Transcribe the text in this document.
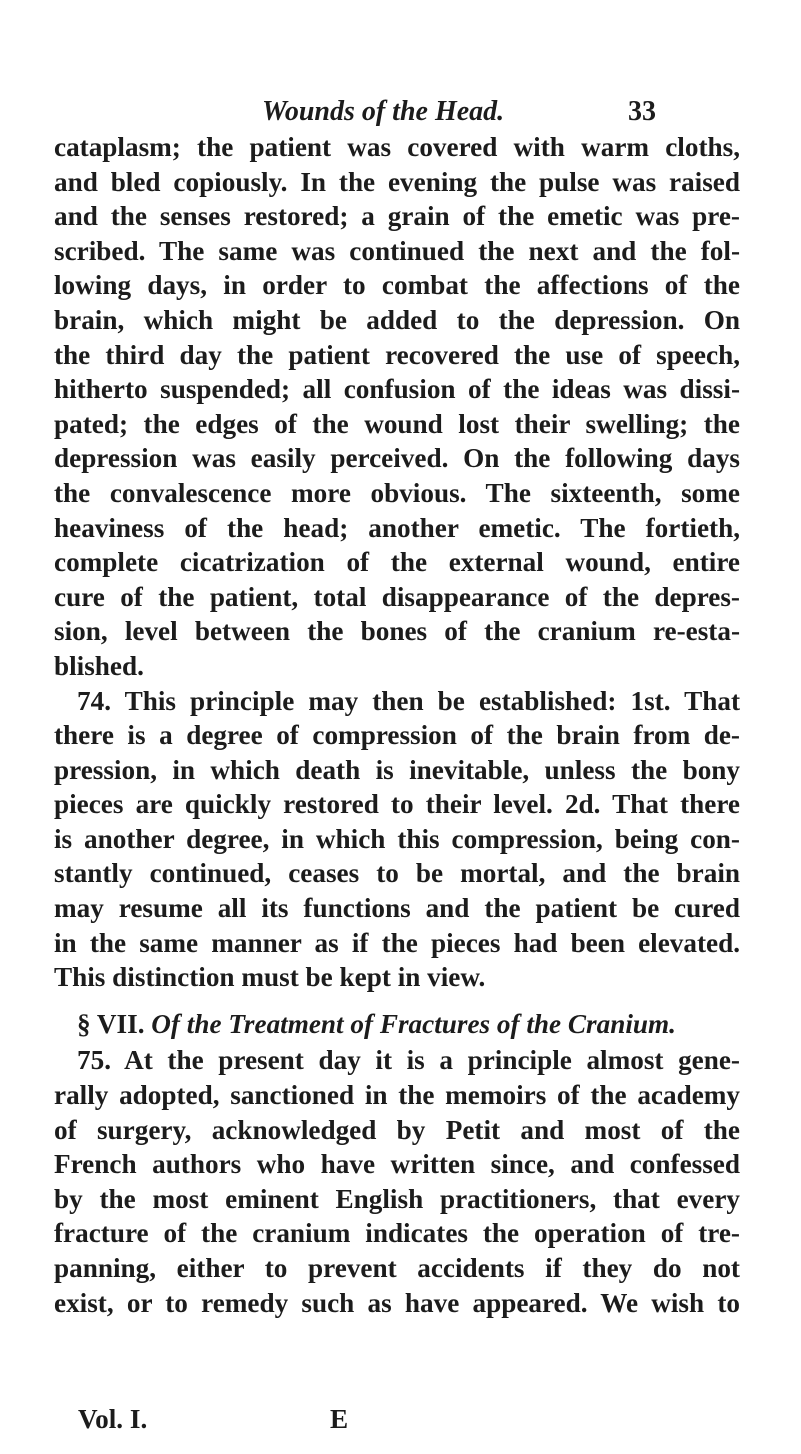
Wounds of the Head.	33
cataplasm; the patient was covered with warm cloths,
and bled copiously. In the evening the pulse was raised
and the senses restored; a grain of the emetic was pre-
scribed. The same was continued the next and the fol-
lowing days, in order to combat the affections of the
brain, which might be added to the depression. On
the third day the patient recovered the use of speech,
hitherto suspended; all confusion of the ideas was dissi-
pated; the edges of the wound lost their swelling; the
depression was easily perceived. On the following days
the convalescence more obvious. The sixteenth, some
heaviness of the head; another emetic. The fortieth,
complete cicatrization of the external wound, entire
cure of the patient, total disappearance of the depres-
sion, level between the bones of the cranium re-esta-
blished.
74. This principle may then be established: 1st. That
there is a degree of compression of the brain from de-
pression, in which death is inevitable, unless the bony
pieces are quickly restored to their level. 2d. That there
is another degree, in which this compression, being con-
stantly continued, ceases to be mortal, and the brain
may resume all its functions and the patient be cured
in the same manner as if the pieces had been elevated.
This distinction must be kept in view.
§ VII. Of the Treatment of Fractures of the Cranium.
75. At the present day it is a principle almost gene-
rally adopted, sanctioned in the memoirs of the academy
of surgery, acknowledged by Petit and most of the
French authors who have written since, and confessed
by the most eminent English practitioners, that every
fracture of the cranium indicates the operation of tre-
panning, either to prevent accidents if they do not
exist, or to remedy such as have appeared. We wish to
Vol. I.	E
